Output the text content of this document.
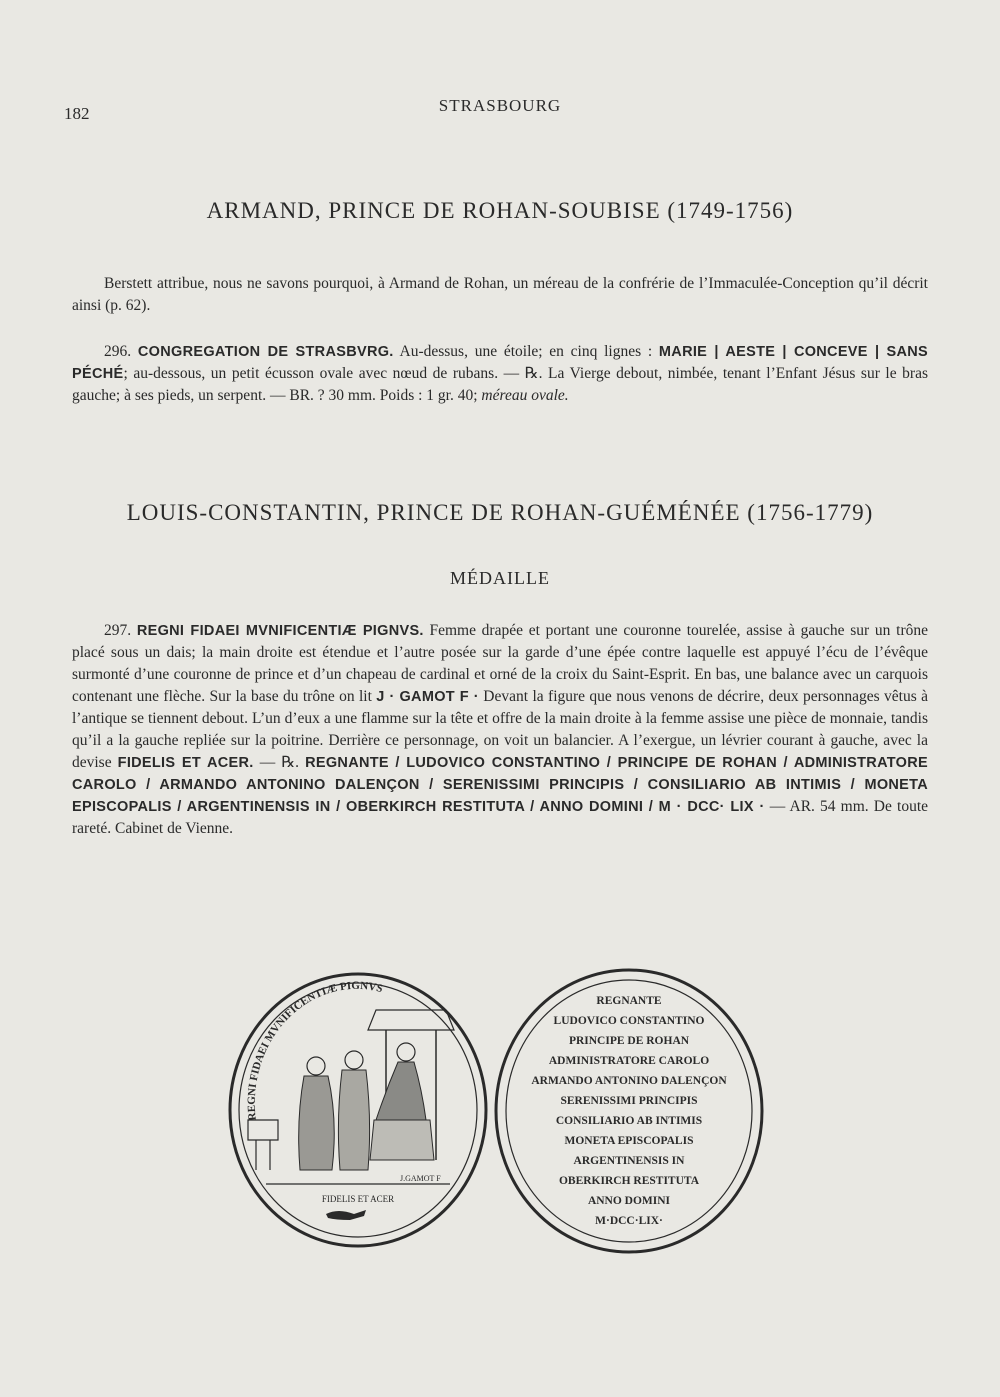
182	STRASBOURG
ARMAND, PRINCE DE ROHAN-SOUBISE (1749-1756)
Berstett attribue, nous ne savons pourquoi, à Armand de Rohan, un méreau de la confrérie de l’Immaculée-Conception qu’il décrit ainsi (p. 62).
296. CONGREGATION DE STRASBVRG. Au-dessus, une étoile; en cinq lignes : MARIE | AESTE | CONCEVE | SANS PÉCHÉ; au-dessous, un petit écusson ovale avec nœud de rubans. — ℞. La Vierge debout, nimbée, tenant l’Enfant Jésus sur le bras gauche; à ses pieds, un serpent. — BR. ? 30 mm. Poids : 1 gr. 40; méreau ovale.
LOUIS-CONSTANTIN, PRINCE DE ROHAN-GUÉMÉNÉE (1756-1779)
MÉDAILLE
297. REGNI FIDAEI MVNIFICENTIÆ PIGNVS. Femme drapée et portant une couronne tourelée, assise à gauche sur un trône placé sous un dais; la main droite est étendue et l’autre posée sur la garde d’une épée contre laquelle est appuyé l’écu de l’évêque surmonté d’une couronne de prince et d’un chapeau de cardinal et orné de la croix du Saint-Esprit. En bas, une balance avec un carquois contenant une flèche. Sur la base du trône on lit J · GAMOT F · Devant la figure que nous venons de décrire, deux personnages vêtus à l’antique se tiennent debout. L’un d’eux a une flamme sur la tête et offre de la main droite à la femme assise une pièce de monnaie, tandis qu’il a la gauche repliée sur la poitrine. Derrière ce personnage, on voit un balancier. A l’exergue, un lévrier courant à gauche, avec la devise FIDELIS ET ACER. — ℞. REGNANTE / LUDOVICO CONSTANTINO / PRINCIPE DE ROHAN / ADMINISTRATORE CAROLO / ARMANDO ANTONINO DALENÇON / SERENISSIMI PRINCIPIS / CONSILIARIO AB INTIMIS / MONETA EPISCOPALIS / ARGENTINENSIS IN / OBERKIRCH RESTITUTA / ANNO DOMINI / M · DCC· LIX · — AR. 54 mm. De toute rareté. Cabinet de Vienne.
REGNI FIDAEI MVNIFICENTIÆ PIGNVS
J.GAMOT F
FIDELIS ET ACER
REGNANTE
LUDOVICO CONSTANTINO
PRINCIPE DE ROHAN
ADMINISTRATORE CAROLO
ARMANDO ANTONINO DALENÇON
SERENISSIMI PRINCIPIS
CONSILIARIO AB INTIMIS
MONETA EPISCOPALIS
ARGENTINENSIS IN
OBERKIRCH RESTITUTA
ANNO DOMINI
M·DCC·LIX·
